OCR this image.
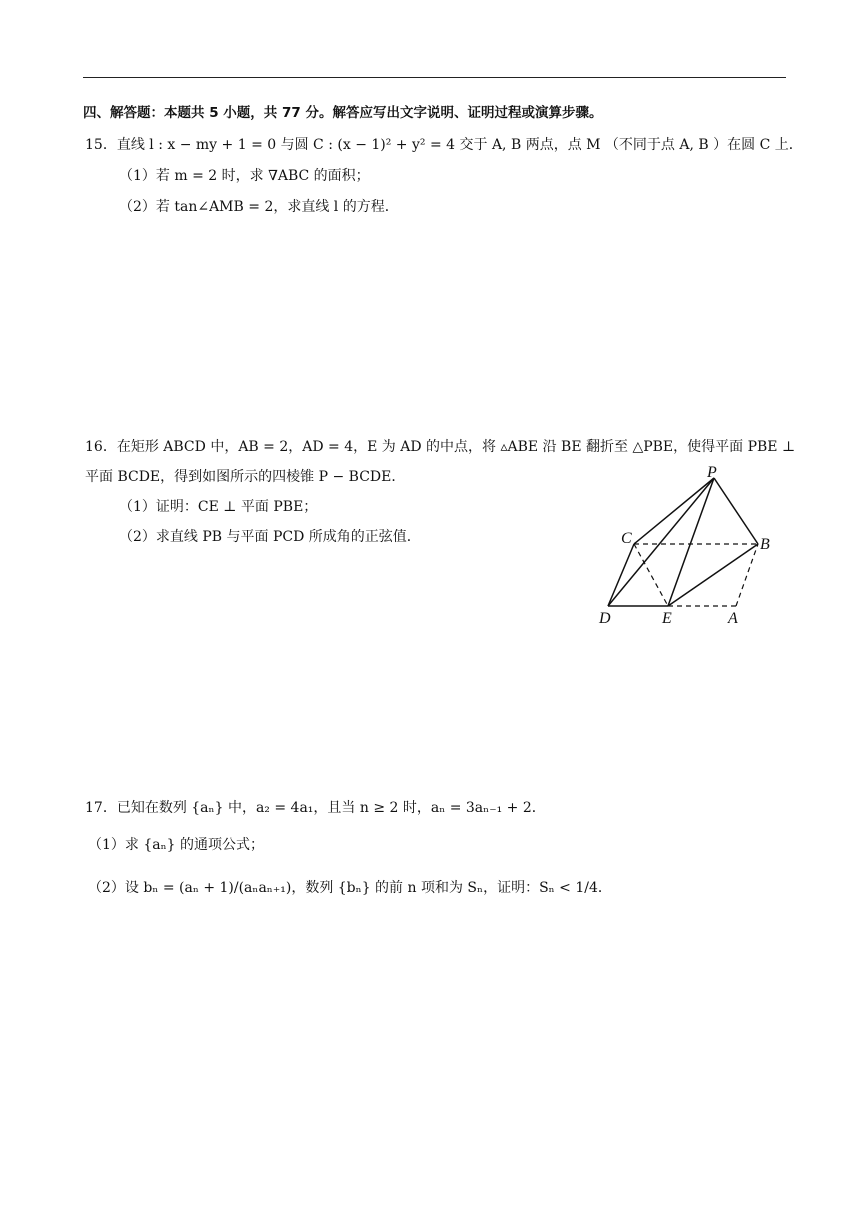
四、解答题：本题共 5 小题，共 77 分。解答应写出文字说明、证明过程或演算步骤。
15．直线 l : x − my + 1 = 0 与圆 C : (x − 1)² + y² = 4 交于 A, B 两点，点 M （不同于点 A, B ）在圆 C 上．
（1）若 m = 2 时，求 ∇ABC 的面积；
（2）若 tan∠AMB = 2，求直线 l 的方程．
16．在矩形 ABCD 中，AB = 2，AD = 4，E 为 AD 的中点，将 ▵ABE 沿 BE 翻折至 △PBE，使得平面 PBE ⊥
平面 BCDE，得到如图所示的四棱锥 P − BCDE．
（1）证明：CE ⊥ 平面 PBE；
（2）求直线 PB 与平面 PCD 所成角的正弦值．
P
C	B
D	E	A
17．已知在数列 {aₙ} 中，a₂ = 4a₁，且当 n ≥ 2 时，aₙ = 3aₙ₋₁ + 2．
（1）求 {aₙ} 的通项公式；
（2）设 bₙ = (aₙ + 1)/(aₙaₙ₊₁)，数列 {bₙ} 的前 n 项和为 Sₙ，证明：Sₙ < 1/4．
